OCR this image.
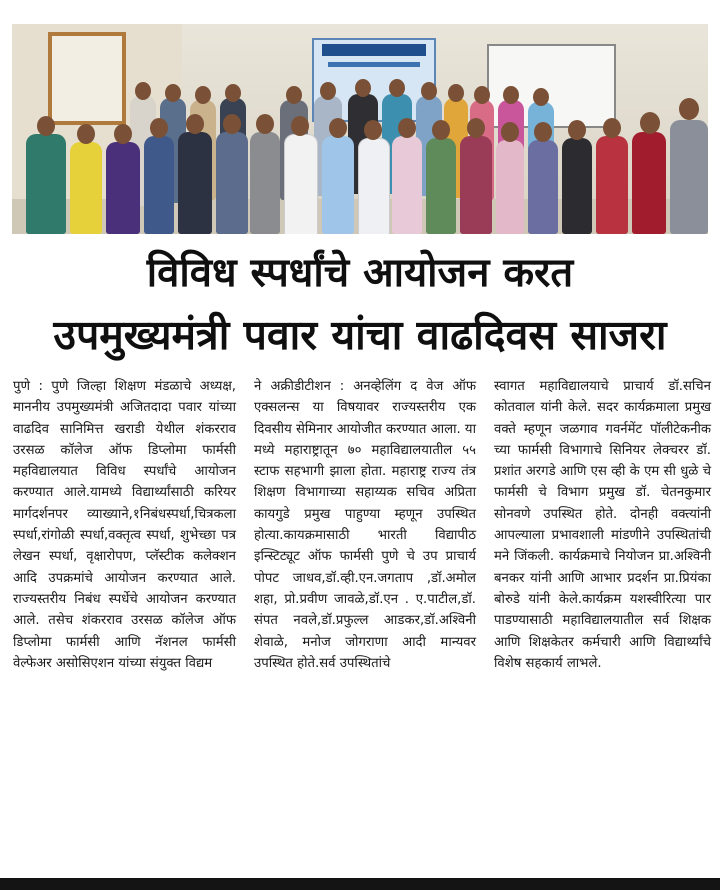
विविध स्पर्धांचे आयोजन करत
उपमुख्यमंत्री पवार यांचा वाढदिवस साजरा

पुणे : पुणे जिल्हा शिक्षण मंडळाचे अध्यक्ष, माननीय उपमुख्यमंत्री अजितदादा पवार यांच्या वाढदिव सानिमित्त खराडी येथील शंकरराव उरसळ कॉलेज ऑफ डिप्लोमा फार्मसी महविद्यालयात विविध स्पर्धांचे आयोजन करण्यात आले.यामध्ये विद्यार्थ्यांसाठी करियर मार्गदर्शनपर व्याख्याने,१निबंधस्पर्धा,चित्रकला स्पर्धा,रांगोळी स्पर्धा,वक्तृत्व स्पर्धा, शुभेच्छा पत्र लेखन स्पर्धा, वृक्षारोपण, प्लॅस्टीक कलेक्शन आदि उपक्रमांचे आयोजन करण्यात आले. राज्यस्तरीय निबंध स्पर्धेचे आयोजन करण्यात आले. तसेच शंकरराव उरसळ कॉलेज ऑफ डिप्लोमा फार्मसी आणि नॅशनल फार्मसी वेल्फेअर असोसिएशन यांच्या संयुक्त विद्यम

ने अक्रीडीटीशन : अनव्हेलिंग द वेज ऑफ एक्सलन्स या विषयावर राज्यस्तरीय एक दिवसीय सेमिनार आयोजीत करण्यात आला. या मध्ये महाराष्ट्रातून ७० महाविद्यालयातील ५५ स्टाफ सहभागी झाला होता. महाराष्ट्र राज्य तंत्र शिक्षण विभागाच्या सहाय्यक सचिव अप्रिता कायगुडे प्रमुख पाहुण्या म्हणून उपस्थित होत्या.कायक्रमासाठी भारती विद्यापीठ इन्स्टिट्यूट ऑफ फार्मसी पुणे चे उप प्राचार्य पोपट जाधव,डॉ.व्ही.एन.जगताप ,डॉ.अमोल शहा, प्रो.प्रवीण जावळे,डॉ.एन . ए.पाटील,डॉ. संपत नवले,डॉ.प्रफुल्ल आडकर,डॉ.अश्विनी शेवाळे, मनोज जोगराणा आदी मान्यवर उपस्थित होते.सर्व उपस्थितांचे

स्वागत महाविद्यालयाचे प्राचार्य डॉ.सचिन कोतवाल यांनी केले. सदर कार्यक्रमाला प्रमुख वक्ते म्हणून जळगाव गवर्नमेंट पॉलीटेकनीक च्या फार्मसी विभागाचे सिनियर लेक्चरर डॉ. प्रशांत अरगडे आणि एस व्ही के एम सी धुळे चे फार्मसी चे विभाग प्रमुख डॉ. चेतनकुमार सोनवणे उपस्थित होते. दोनही वक्त्यांनी आपल्याला प्रभावशाली मांडणीने उपस्थितांची मने जिंकली. कार्यक्रमाचे नियोजन प्रा.अश्विनी बनकर यांनी आणि आभार प्रदर्शन प्रा.प्रियंका बोरुडे यांनी केले.कार्यक्रम यशस्वीरित्या पार पाडण्यासाठी महाविद्यालयातील सर्व शिक्षक आणि शिक्षकेतर कर्मचारी आणि विद्यार्थ्यांचे विशेष सहकार्य लाभले.
